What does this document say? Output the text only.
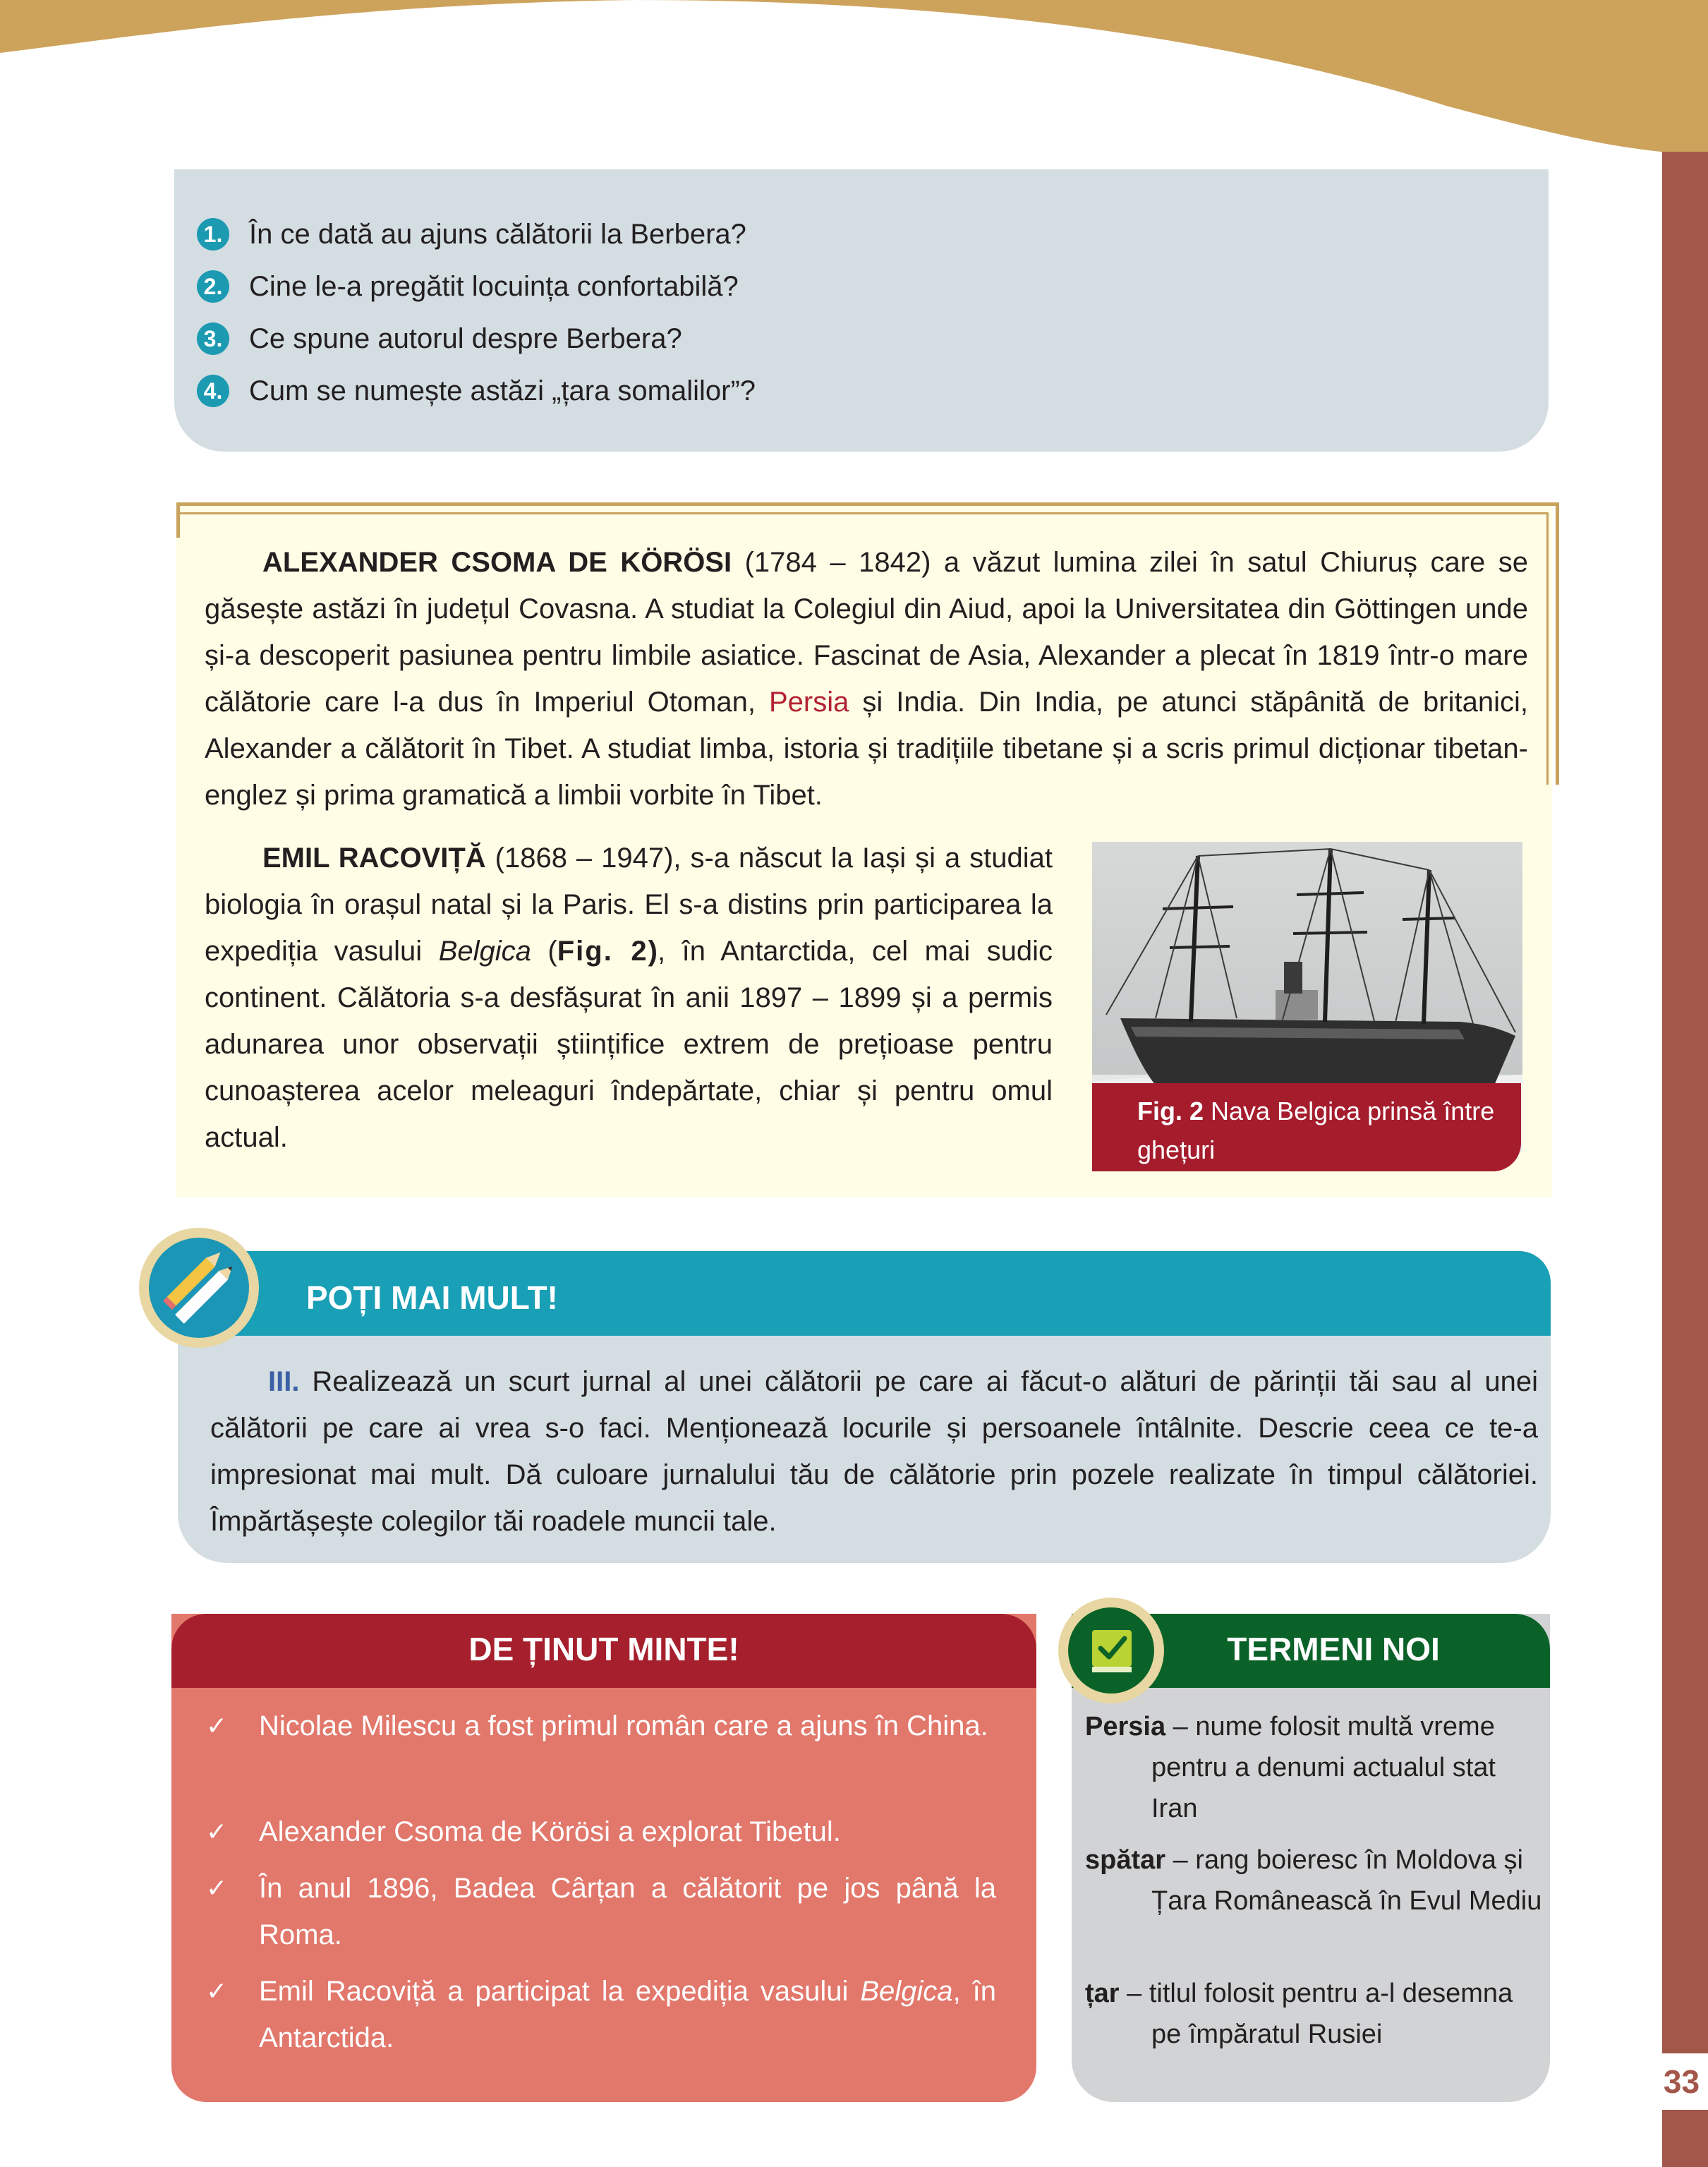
33
1. În ce dată au ajuns călătorii la Berbera?
2. Cine le-a pregătit locuința confortabilă?
3. Ce spune autorul despre Berbera?
4. Cum se numește astăzi „țara somalilor”?

ALEXANDER CSOMA DE KÖRÖSI (1784 – 1842) a văzut lumina zilei în satul Chiuruș care se găsește astăzi în județul Covasna. A studiat la Colegiul din Aiud, apoi la Universitatea din Göttingen unde și-a descoperit pasiunea pentru limbile asiatice. Fascinat de Asia, Alexander a plecat în 1819 într-o mare călătorie care l-a dus în Imperiul Otoman, Persia și India. Din India, pe atunci stăpânită de britanici, Alexander a călătorit în Tibet. A studiat limba, istoria și tradițiile tibetane și a scris primul dicționar tibetan-englez și prima gramatică a limbii vorbite în Tibet.

EMIL RACOVIȚĂ (1868 – 1947), s-a născut la Iași și a studiat biologia în orașul natal și la Paris. El s-a distins prin participarea la expediția vasului Belgica (Fig. 2), în Antarctida, cel mai sudic continent. Călătoria s-a desfășurat în anii 1897 – 1899 și a permis adunarea unor observații științifice extrem de prețioase pentru cunoașterea acelor meleaguri îndepărtate, chiar și pentru omul actual.

Fig. 2 Nava Belgica prinsă între ghețuri
POȚI MAI MULT!

III. Realizează un scurt jurnal al unei călătorii pe care ai făcut-o alături de părinții tăi sau al unei călătorii pe care ai vrea s-o faci. Menționează locurile și persoanele întâlnite. Descrie ceea ce te-a impresionat mai mult. Dă culoare jurnalului tău de călătorie prin pozele realizate în timpul călătoriei. Împărtășește colegilor tăi roadele muncii tale.

DE ȚINUT MINTE!
✓	Nicolae Milescu a fost primul român care a ajuns în China.
✓	Alexander Csoma de Körösi a explorat Tibetul.
✓	În anul 1896, Badea Cârțan a călătorit pe jos până la Roma.
✓	Emil Racoviță a participat la expediția vasului Belgica, în Antarctida.
TERMENI NOI
Persia – nume folosit multă vreme pentru a denumi actualul stat Iran
spătar – rang boieresc în Moldova și Țara Românească în Evul Mediu
țar – titlul folosit pentru a-l desemna pe împăratul Rusiei
